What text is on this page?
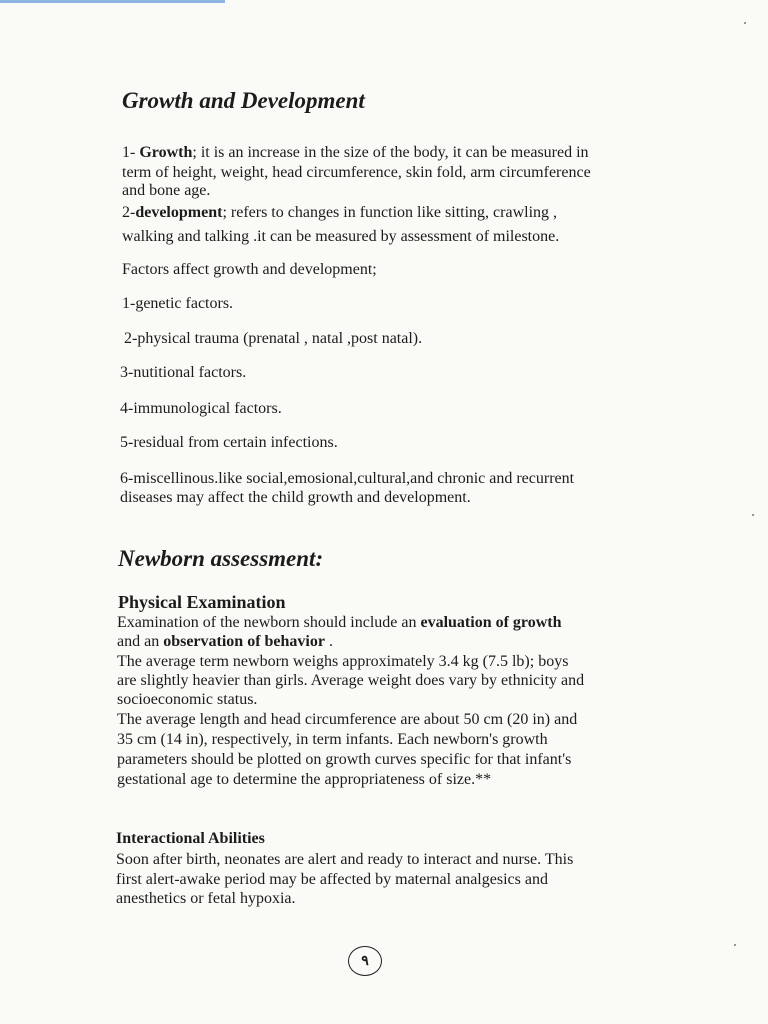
Growth and Development

1- Growth; it is an increase in the size of the body, it can be measured in

term of height, weight, head circumference, skin fold, arm circumference

and bone age.

2-development; refers to changes in function like sitting, crawling ,

walking and talking .it can be measured by assessment of milestone.

Factors affect growth and development;

1-genetic factors.

2-physical trauma (prenatal , natal ,post natal).

3-nutitional factors.

4-immunological factors.

5-residual from certain infections.

6-miscellinous.like social,emosional,cultural,and chronic and recurrent

diseases may affect the child growth and development.

Newborn assessment:
Physical Examination

Examination of the newborn should include an evaluation of growth

and an observation of behavior .

The average term newborn weighs approximately 3.4 kg (7.5 lb); boys

are slightly heavier than girls. Average weight does vary by ethnicity and

socioeconomic status.

The average length and head circumference are about 50 cm (20 in) and

35 cm (14 in), respectively, in term infants. Each newborn's growth

parameters should be plotted on growth curves specific for that infant's

gestational age to determine the appropriateness of size.**

Interactional Abilities

Soon after birth, neonates are alert and ready to interact and nurse. This

first alert-awake period may be affected by maternal analgesics and

anesthetics or fetal hypoxia.

٩
